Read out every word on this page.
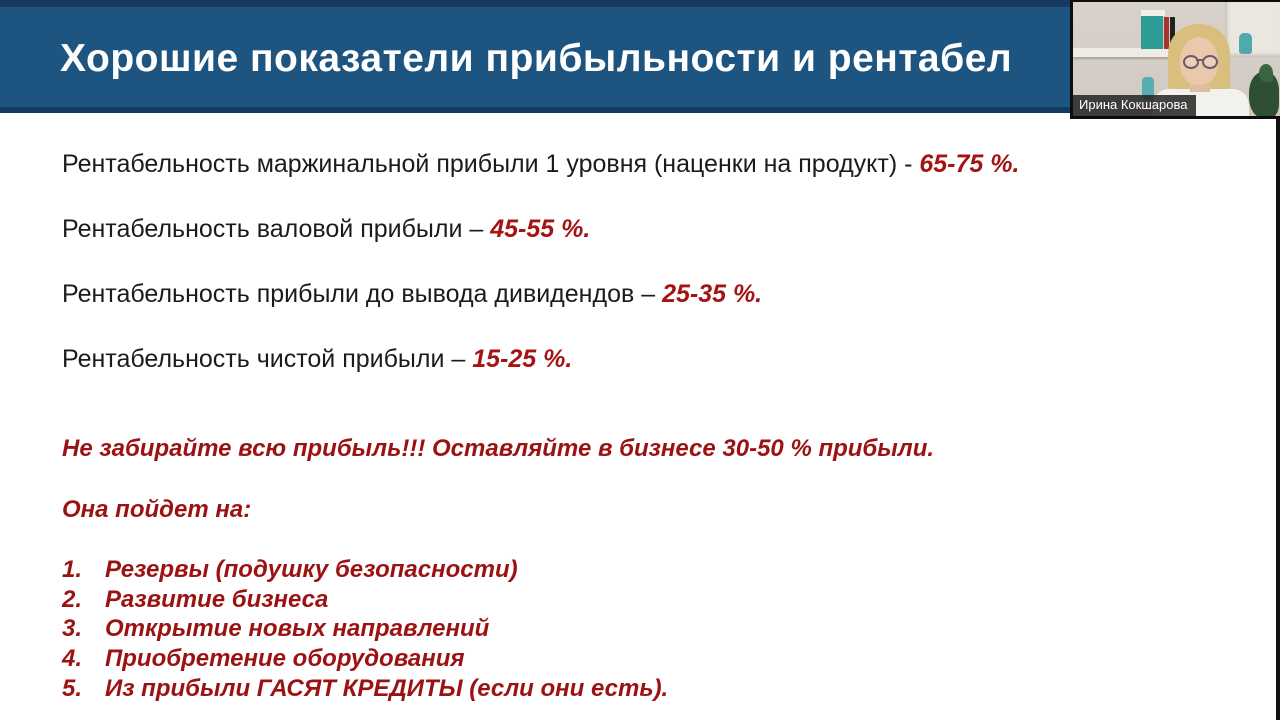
Хорошие показатели прибыльности и рентабел

Рентабельность маржинальной прибыли 1 уровня (наценки на продукт) - 65-75 %.

Рентабельность валовой прибыли – 45-55 %.

Рентабельность прибыли до вывода дивидендов – 25-35 %.

Рентабельность чистой прибыли – 15-25 %.

Не забирайте всю прибыль!!! Оставляйте в бизнесе 30-50 % прибыли.

Она пойдет на:

1. Резервы (подушку безопасности)
2. Развитие бизнеса
3. Открытие новых направлений
4. Приобретение оборудования
5. Из прибыли ГАСЯТ КРЕДИТЫ (если они есть).
Ирина Кокшарова
